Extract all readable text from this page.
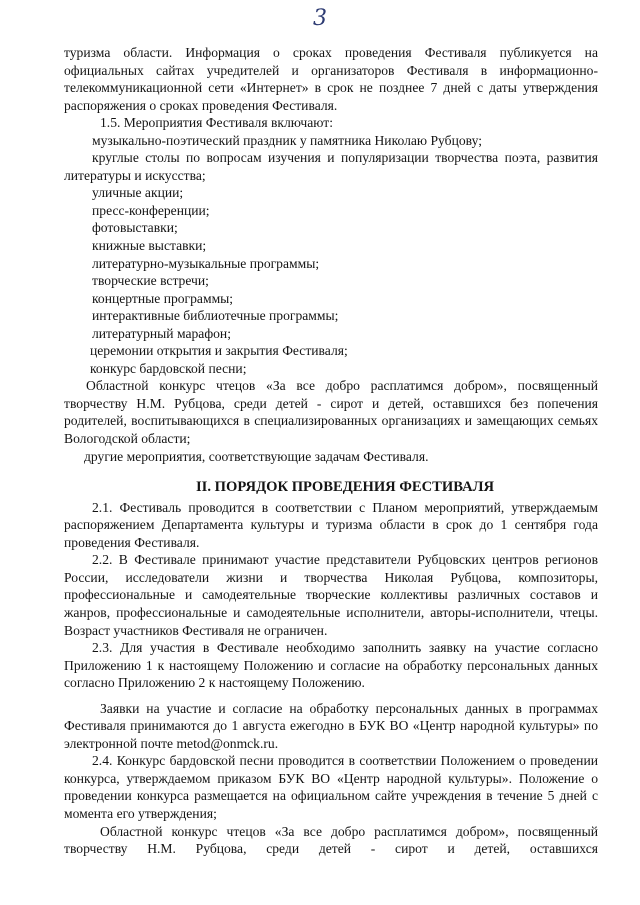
3

туризма области. Информация о сроках проведения Фестиваля публикуется на официальных сайтах учредителей и организаторов Фестиваля в информационно-телекоммуникационной сети «Интернет» в срок не позднее 7 дней с даты утверждения распоряжения о сроках проведения Фестиваля.

1.5. Мероприятия Фестиваля включают:

музыкально-поэтический праздник у памятника Николаю Рубцову;

круглые столы по вопросам изучения и популяризации творчества поэта, развития литературы и искусства;

уличные акции;

пресс-конференции;

фотовыставки;

книжные выставки;

литературно-музыкальные программы;

творческие встречи;

концертные программы;

интерактивные библиотечные программы;

литературный марафон;

церемонии открытия и закрытия Фестиваля;

конкурс бардовской песни;

Областной конкурс чтецов «За все добро расплатимся добром», посвященный творчеству Н.М. Рубцова, среди детей - сирот и детей, оставшихся без попечения родителей, воспитывающихся в специализированных организациях и замещающих семьях Вологодской области;

другие мероприятия, соответствующие задачам Фестиваля.

II. ПОРЯДОК ПРОВЕДЕНИЯ ФЕСТИВАЛЯ

2.1. Фестиваль проводится в соответствии с Планом мероприятий, утверждаемым распоряжением Департамента культуры и туризма области в срок до 1 сентября года проведения Фестиваля.

2.2. В Фестивале принимают участие представители Рубцовских центров регионов России, исследователи жизни и творчества Николая Рубцова, композиторы, профессиональные и самодеятельные творческие коллективы различных составов и жанров, профессиональные и самодеятельные исполнители, авторы-исполнители, чтецы. Возраст участников Фестиваля не ограничен.

2.3. Для участия в Фестивале необходимо заполнить заявку на участие согласно Приложению 1 к настоящему Положению и согласие на обработку персональных данных согласно Приложению 2 к настоящему Положению.

Заявки на участие и согласие на обработку персональных данных в программах Фестиваля принимаются до 1 августа ежегодно в БУК ВО «Центр народной культуры» по электронной почте metod@onmck.ru.

2.4. Конкурс бардовской песни проводится в соответствии Положением о проведении конкурса, утверждаемом приказом БУК ВО «Центр народной культуры». Положение о проведении конкурса размещается на официальном сайте учреждения в течение 5 дней с момента его утверждения;

Областной конкурс чтецов «За все добро расплатимся добром», посвященный творчеству Н.М. Рубцова, среди детей - сирот и детей, оставшихся
